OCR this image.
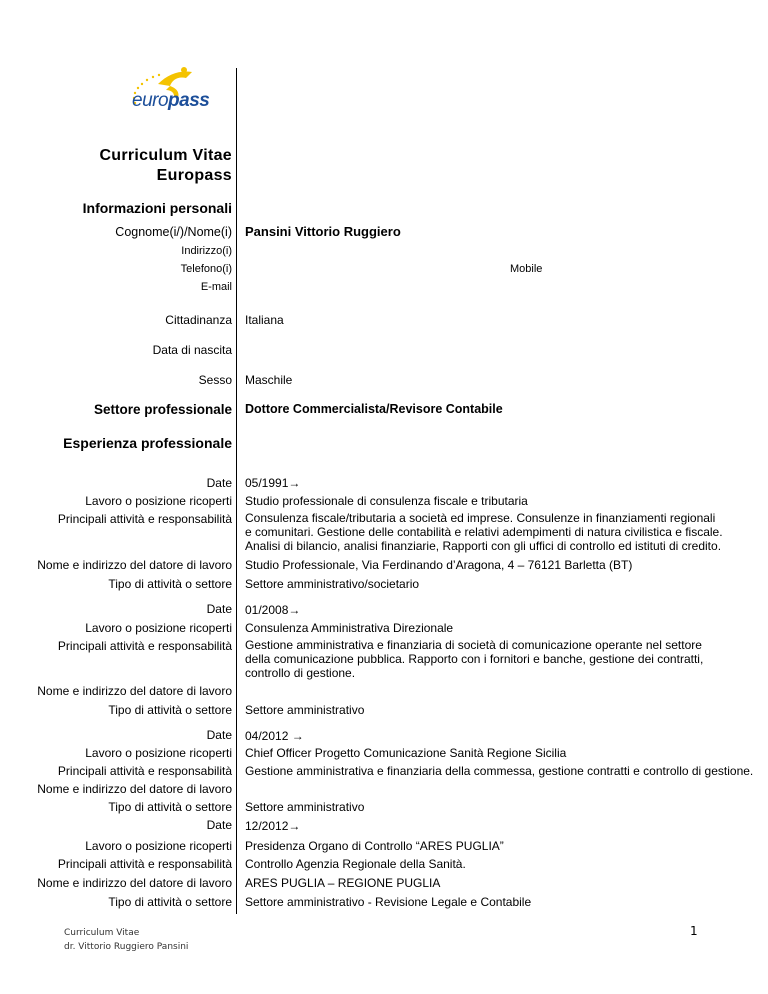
europass
Curriculum Vitae
Europass
Informazioni personali
Cognome(i/)/Nome(i) Pansini Vittorio Ruggiero
Indirizzo(i)
Telefono(i)	Mobile
E-mail
Cittadinanza Italiana
Data di nascita
Sesso Maschile
Settore professionale Dottore Commercialista/Revisore Contabile
Esperienza professionale
Date 05/1991→
Lavoro o posizione ricoperti Studio professionale di consulenza fiscale e tributaria
Principali attività e responsabilità Consulenza fiscale/tributaria a società ed imprese. Consulenze in finanziamenti regionali e comunitari. Gestione delle contabilità e relativi adempimenti di natura civilistica e fiscale. Analisi di bilancio, analisi finanziarie, Rapporti con gli uffici di controllo ed istituti di credito.
Nome e indirizzo del datore di lavoro Studio Professionale, Via Ferdinando d’Aragona, 4 – 76121 Barletta (BT)
Tipo di attività o settore Settore amministrativo/societario
Date 01/2008→
Lavoro o posizione ricoperti Consulenza Amministrativa Direzionale
Principali attività e responsabilità Gestione amministrativa e finanziaria di società di comunicazione operante nel settore della comunicazione pubblica. Rapporto con i fornitori e banche, gestione dei contratti, controllo di gestione.
Nome e indirizzo del datore di lavoro
Tipo di attività o settore Settore amministrativo
Date 04/2012 →
Lavoro o posizione ricoperti Chief Officer Progetto Comunicazione Sanità Regione Sicilia
Principali attività e responsabilità Gestione amministrativa e finanziaria della commessa, gestione contratti e controllo di gestione.
Nome e indirizzo del datore di lavoro
Tipo di attività o settore Settore amministrativo
Date 12/2012→
Lavoro o posizione ricoperti Presidenza Organo di Controllo “ARES PUGLIA”
Principali attività e responsabilità Controllo Agenzia Regionale della Sanità.
Nome e indirizzo del datore di lavoro ARES PUGLIA – REGIONE PUGLIA
Tipo di attività o settore Settore amministrativo - Revisione Legale e Contabile
Curriculum Vitae
dr. Vittorio Ruggiero Pansini
1
